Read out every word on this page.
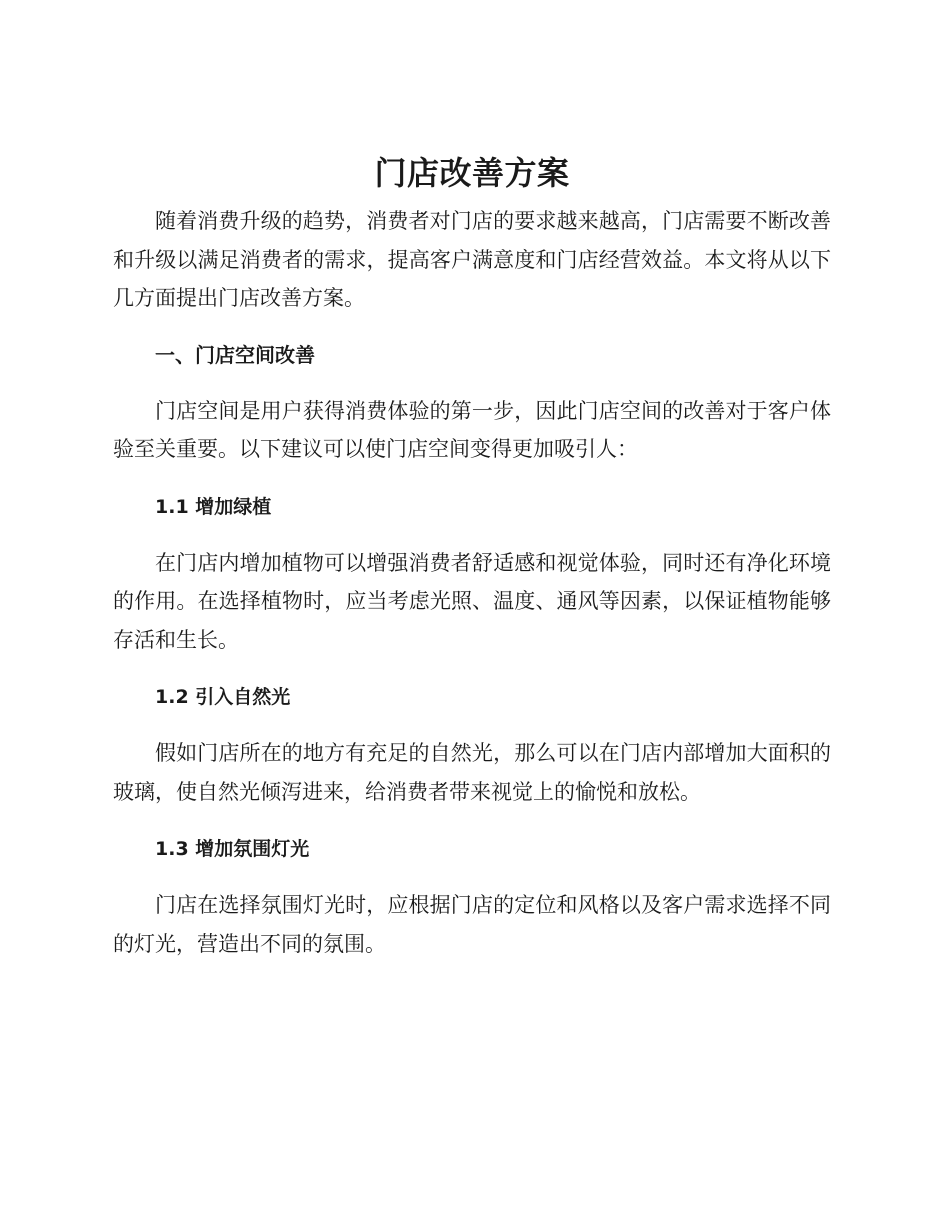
门店改善方案

随着消费升级的趋势，消费者对门店的要求越来越高，门店需要不断改善和升级以满足消费者的需求，提高客户满意度和门店经营效益。本文将从以下几方面提出门店改善方案。

一、门店空间改善

门店空间是用户获得消费体验的第一步，因此门店空间的改善对于客户体验至关重要。以下建议可以使门店空间变得更加吸引人：

1.1 增加绿植

在门店内增加植物可以增强消费者舒适感和视觉体验，同时还有净化环境的作用。在选择植物时，应当考虑光照、温度、通风等因素，以保证植物能够存活和生长。

1.2 引入自然光

假如门店所在的地方有充足的自然光，那么可以在门店内部增加大面积的玻璃，使自然光倾泻进来，给消费者带来视觉上的愉悦和放松。

1.3 增加氛围灯光

门店在选择氛围灯光时，应根据门店的定位和风格以及客户需求选择不同的灯光，营造出不同的氛围。
